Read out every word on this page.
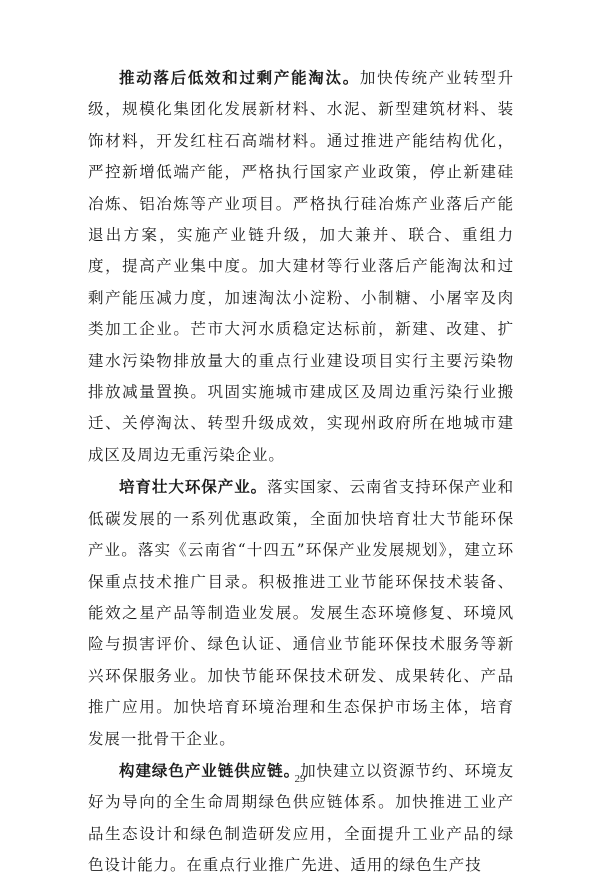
推动落后低效和过剩产能淘汰。加快传统产业转型升级，规模化集团化发展新材料、水泥、新型建筑材料、装饰材料，开发红柱石高端材料。通过推进产能结构优化，严控新增低端产能，严格执行国家产业政策，停止新建硅冶炼、铝冶炼等产业项目。严格执行硅冶炼产业落后产能退出方案，实施产业链升级，加大兼并、联合、重组力度，提高产业集中度。加大建材等行业落后产能淘汰和过剩产能压减力度，加速淘汰小淀粉、小制糖、小屠宰及肉类加工企业。芒市大河水质稳定达标前，新建、改建、扩建水污染物排放量大的重点行业建设项目实行主要污染物排放减量置换。巩固实施城市建成区及周边重污染行业搬迁、关停淘汰、转型升级成效，实现州政府所在地城市建成区及周边无重污染企业。

培育壮大环保产业。落实国家、云南省支持环保产业和低碳发展的一系列优惠政策，全面加快培育壮大节能环保产业。落实《云南省“十四五”环保产业发展规划》，建立环保重点技术推广目录。积极推进工业节能环保技术装备、能效之星产品等制造业发展。发展生态环境修复、环境风险与损害评价、绿色认证、通信业节能环保技术服务等新兴环保服务业。加快节能环保技术研发、成果转化、产品推广应用。加快培育环境治理和生态保护市场主体，培育发展一批骨干企业。

构建绿色产业链供应链。加快建立以资源节约、环境友好为导向的全生命周期绿色供应链体系。加快推进工业产品生态设计和绿色制造研发应用，全面提升工业产品的绿色设计能力。在重点行业推广先进、适用的绿色生产技

29
